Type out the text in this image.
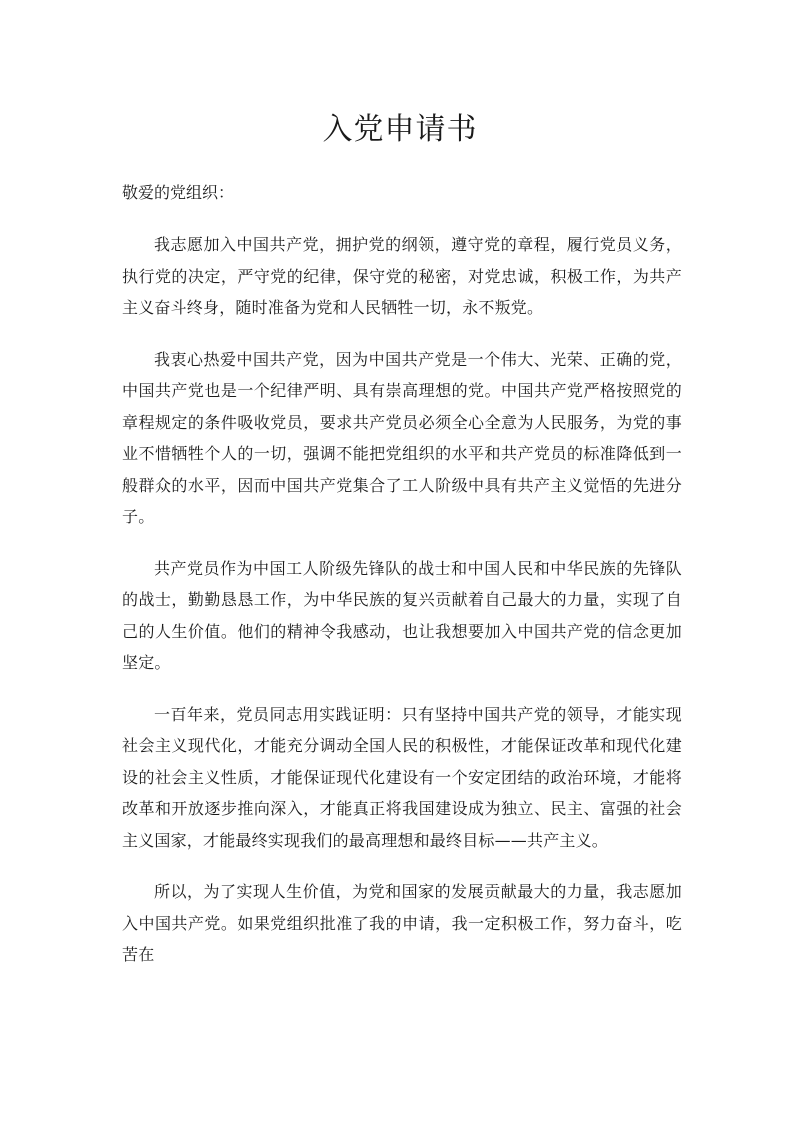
入党申请书

敬爱的党组织：

我志愿加入中国共产党，拥护党的纲领，遵守党的章程，履行党员义务，执行党的决定，严守党的纪律，保守党的秘密，对党忠诚，积极工作，为共产主义奋斗终身，随时准备为党和人民牺牲一切，永不叛党。

我衷心热爱中国共产党，因为中国共产党是一个伟大、光荣、正确的党，中国共产党也是一个纪律严明、具有崇高理想的党。中国共产党严格按照党的章程规定的条件吸收党员，要求共产党员必须全心全意为人民服务，为党的事业不惜牺牲个人的一切，强调不能把党组织的水平和共产党员的标准降低到一般群众的水平，因而中国共产党集合了工人阶级中具有共产主义觉悟的先进分子。

共产党员作为中国工人阶级先锋队的战士和中国人民和中华民族的先锋队的战士，勤勤恳恳工作，为中华民族的复兴贡献着自己最大的力量，实现了自己的人生价值。他们的精神令我感动，也让我想要加入中国共产党的信念更加坚定。

一百年来，党员同志用实践证明：只有坚持中国共产党的领导，才能实现社会主义现代化，才能充分调动全国人民的积极性，才能保证改革和现代化建设的社会主义性质，才能保证现代化建设有一个安定团结的政治环境，才能将改革和开放逐步推向深入，才能真正将我国建设成为独立、民主、富强的社会主义国家，才能最终实现我们的最高理想和最终目标——共产主义。

所以，为了实现人生价值，为党和国家的发展贡献最大的力量，我志愿加入中国共产党。如果党组织批准了我的申请，我一定积极工作，努力奋斗，吃苦在
